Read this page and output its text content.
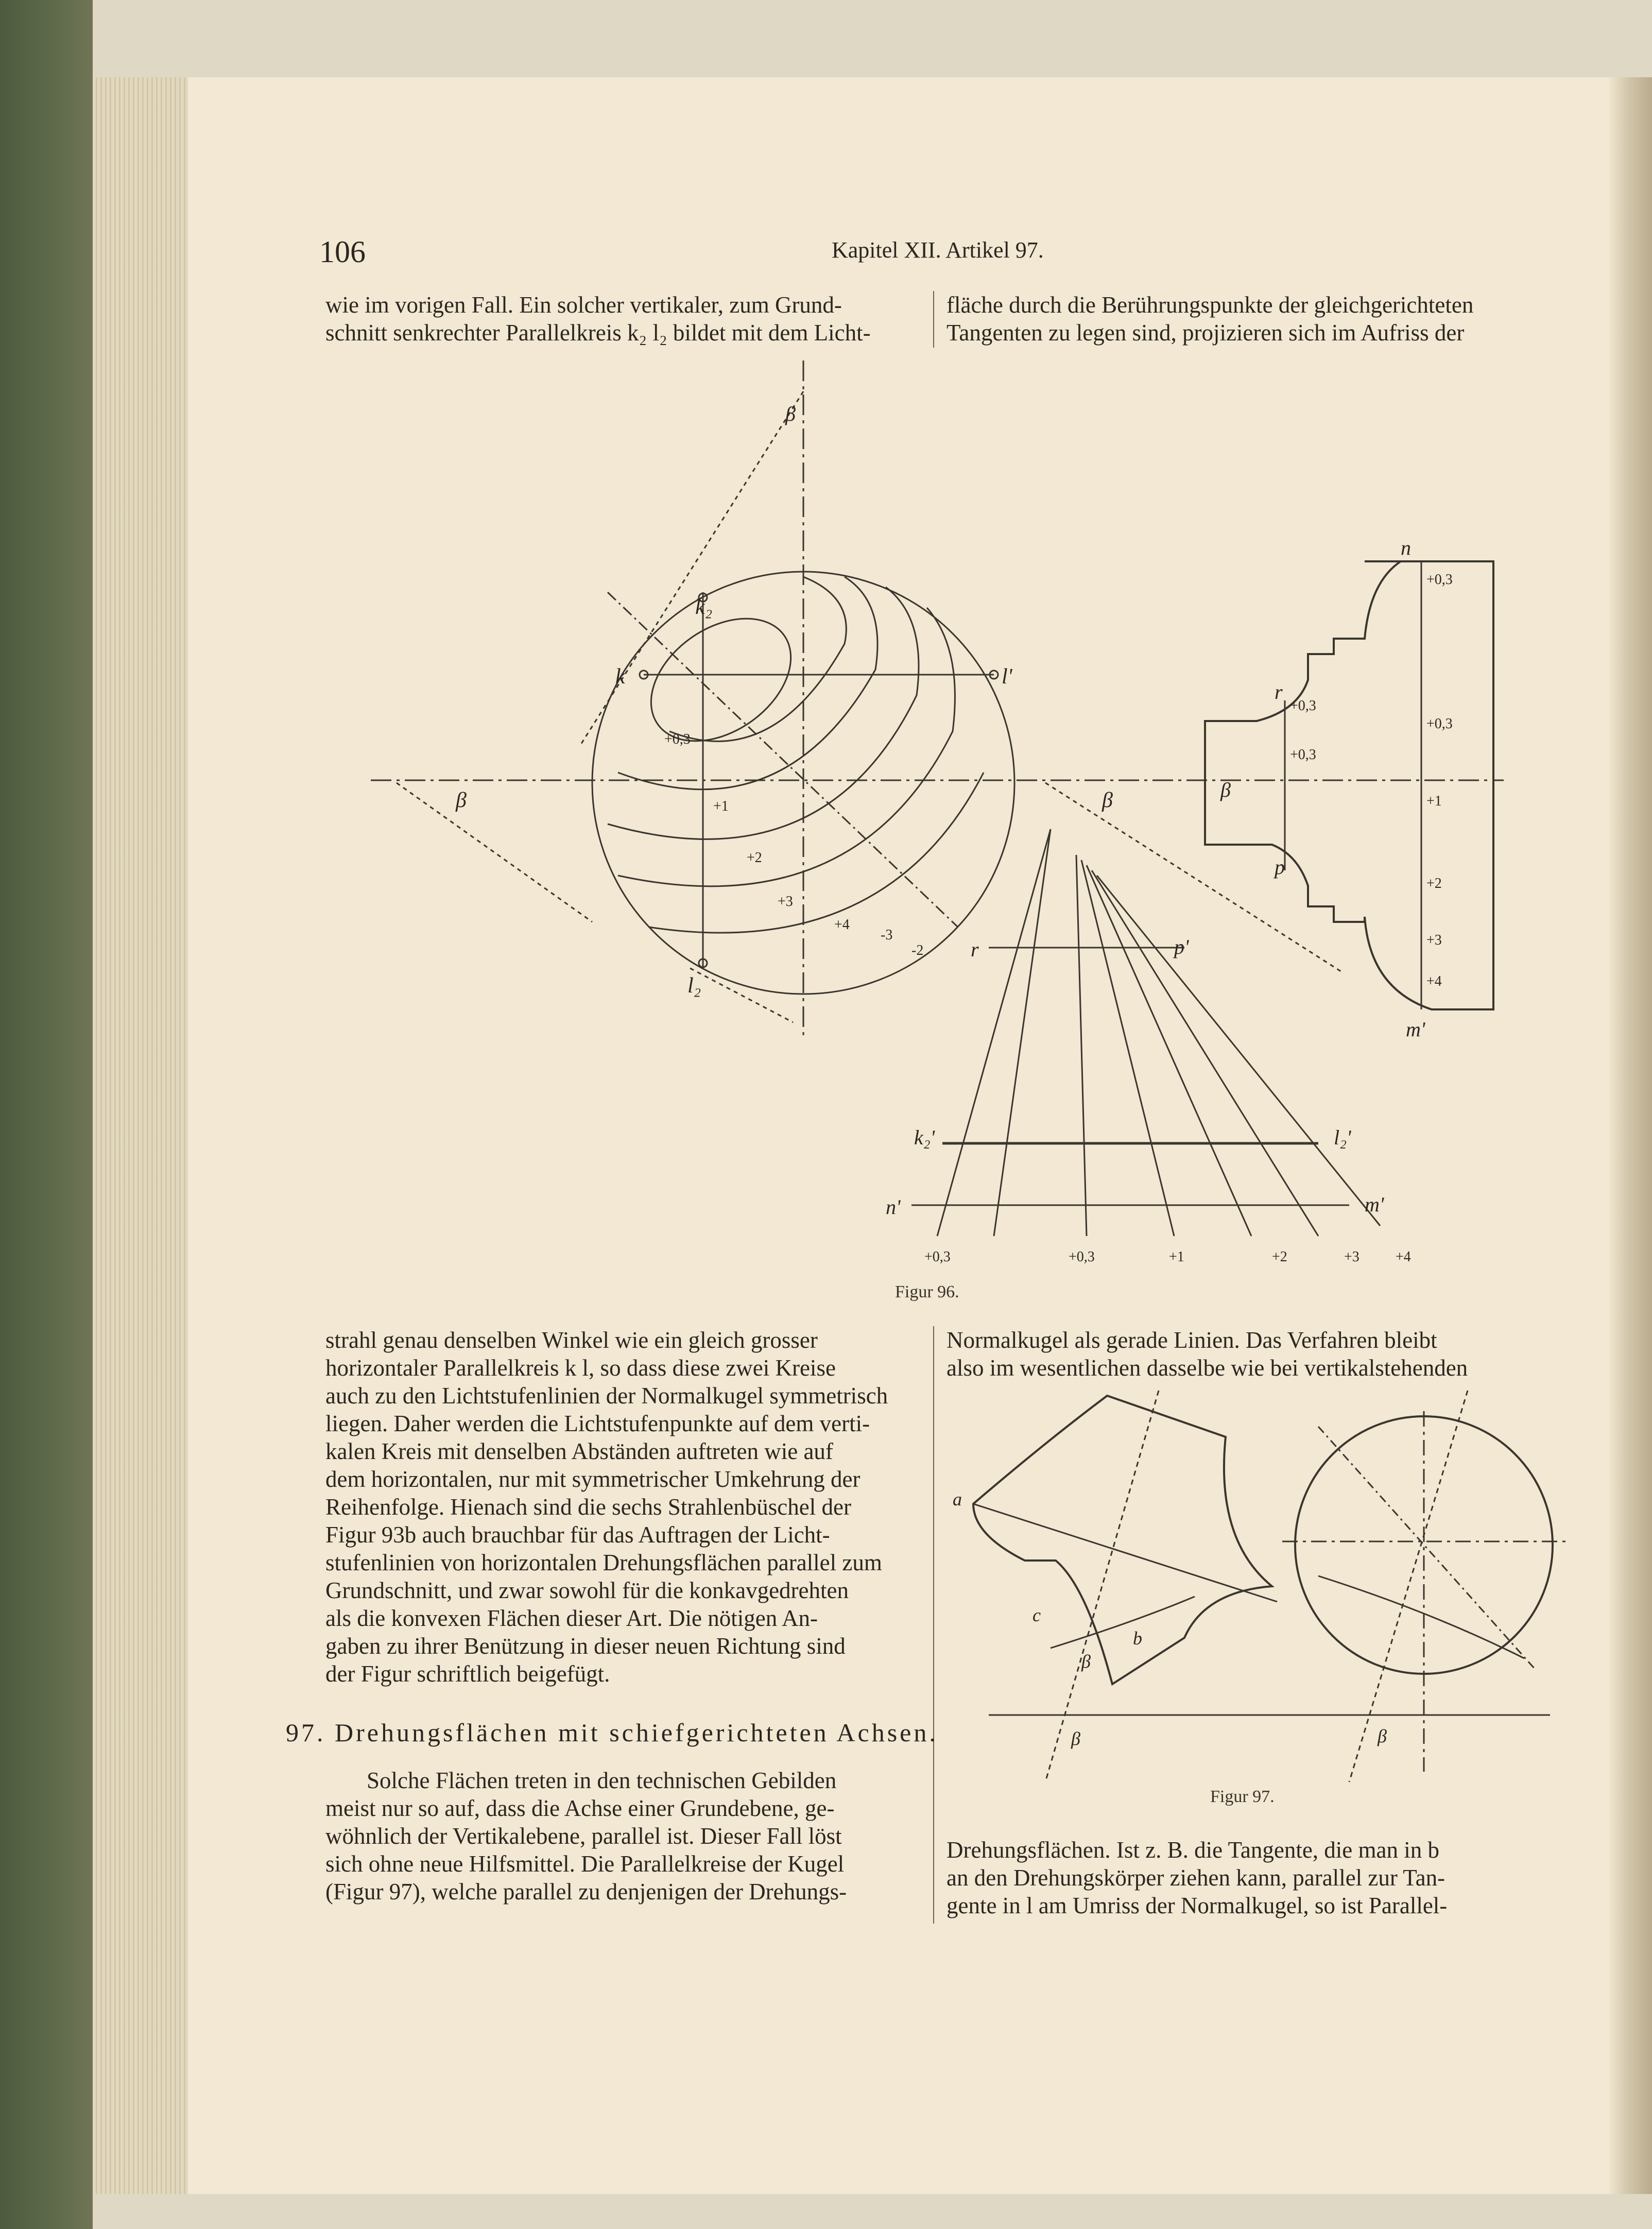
106	Kapitel XII. Artikel 97.
wie im vorigen Fall. Ein solcher vertikaler, zum Grund-
schnitt senkrechter Parallelkreis k₂ l₂ bildet mit dem Licht-
fläche durch die Berührungspunkte der gleichgerichteten
Tangenten zu legen sind, projizieren sich im Aufriss der
k₂
k	l'
l₂
β
β
β	β
n
r
p
m'
r	p'
k₂'	l₂'
n'	m'
+0,3
+1
+2
+3
+4
-3
-2
+0,3
+0,3
+0,3
+0,3
+1
+2
+3
+4
+0,3	+0,3	+1	+2	+3	+4
Figur 96.
strahl genau denselben Winkel wie ein gleich grosser
horizontaler Parallelkreis k l, so dass diese zwei Kreise
auch zu den Lichtstufenlinien der Normalkugel symmetrisch
liegen. Daher werden die Lichtstufenpunkte auf dem verti-
kalen Kreis mit denselben Abständen auftreten wie auf
dem horizontalen, nur mit symmetrischer Umkehrung der
Reihenfolge. Hienach sind die sechs Strahlenbüschel der
Figur 93b auch brauchbar für das Auftragen der Licht-
stufenlinien von horizontalen Drehungsflächen parallel zum
Grundschnitt, und zwar sowohl für die konkavgedrehten
als die konvexen Flächen dieser Art. Die nötigen An-
gaben zu ihrer Benützung in dieser neuen Richtung sind
der Figur schriftlich beigefügt.
Normalkugel als gerade Linien. Das Verfahren bleibt
also im wesentlichen dasselbe wie bei vertikalstehenden
a
c
b
β
β	β
Figur 97.
97. Drehungsflächen mit schiefgerichteten Achsen.
Solche Flächen treten in den technischen Gebilden
meist nur so auf, dass die Achse einer Grundebene, ge-
wöhnlich der Vertikalebene, parallel ist. Dieser Fall löst
sich ohne neue Hilfsmittel. Die Parallelkreise der Kugel
(Figur 97), welche parallel zu denjenigen der Drehungs-
Drehungsflächen. Ist z. B. die Tangente, die man in b
an den Drehungskörper ziehen kann, parallel zur Tan-
gente in l am Umriss der Normalkugel, so ist Parallel-
